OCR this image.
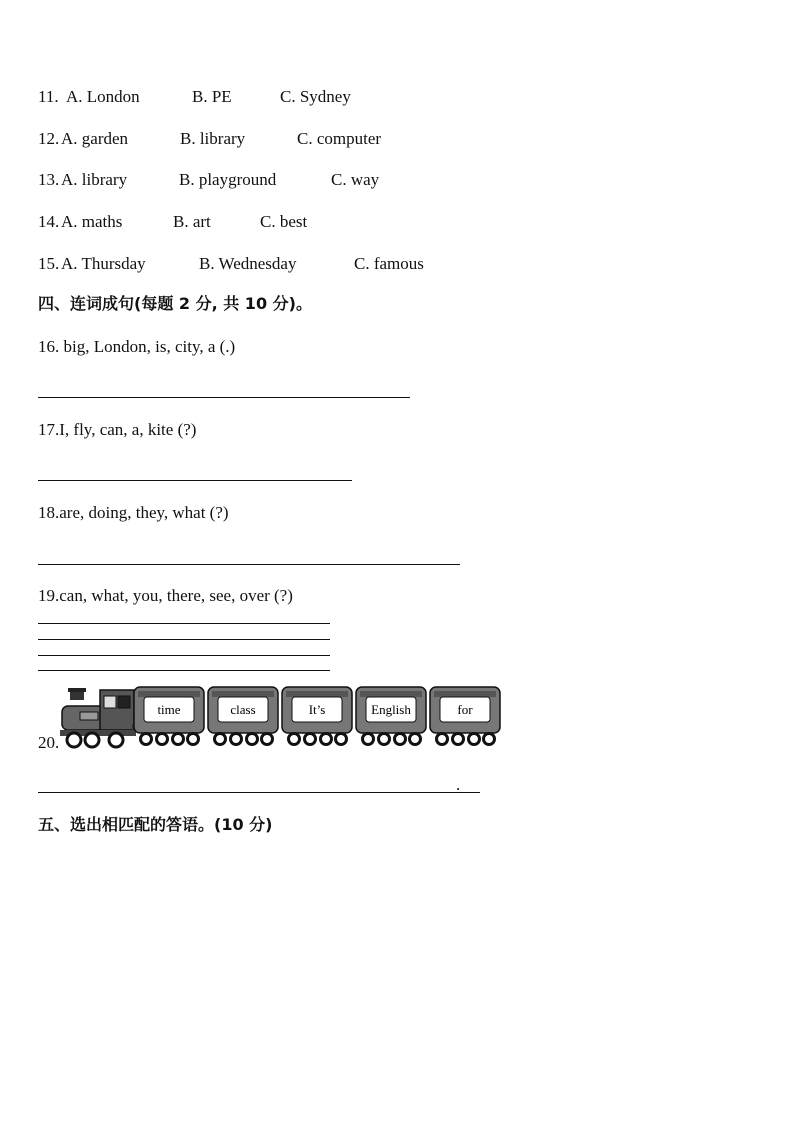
11. A. London	B. PE	C. Sydney
12. A. garden	B. library	C. computer
13. A. library	B. playground	C. way
14. A. maths	B. art	C. best
15. A. Thursday	B. Wednesday	C. famous
四、连词成句(每题 2 分, 共 10 分)。
16. big, London, is, city, a (.)
17.I, fly, can, a, kite (?)
18.are, doing, they, what (?)
19.can, what, you, there, see, over (?)
20.
time	class	It’s	English	for
.
五、选出相匹配的答语。(10 分)
